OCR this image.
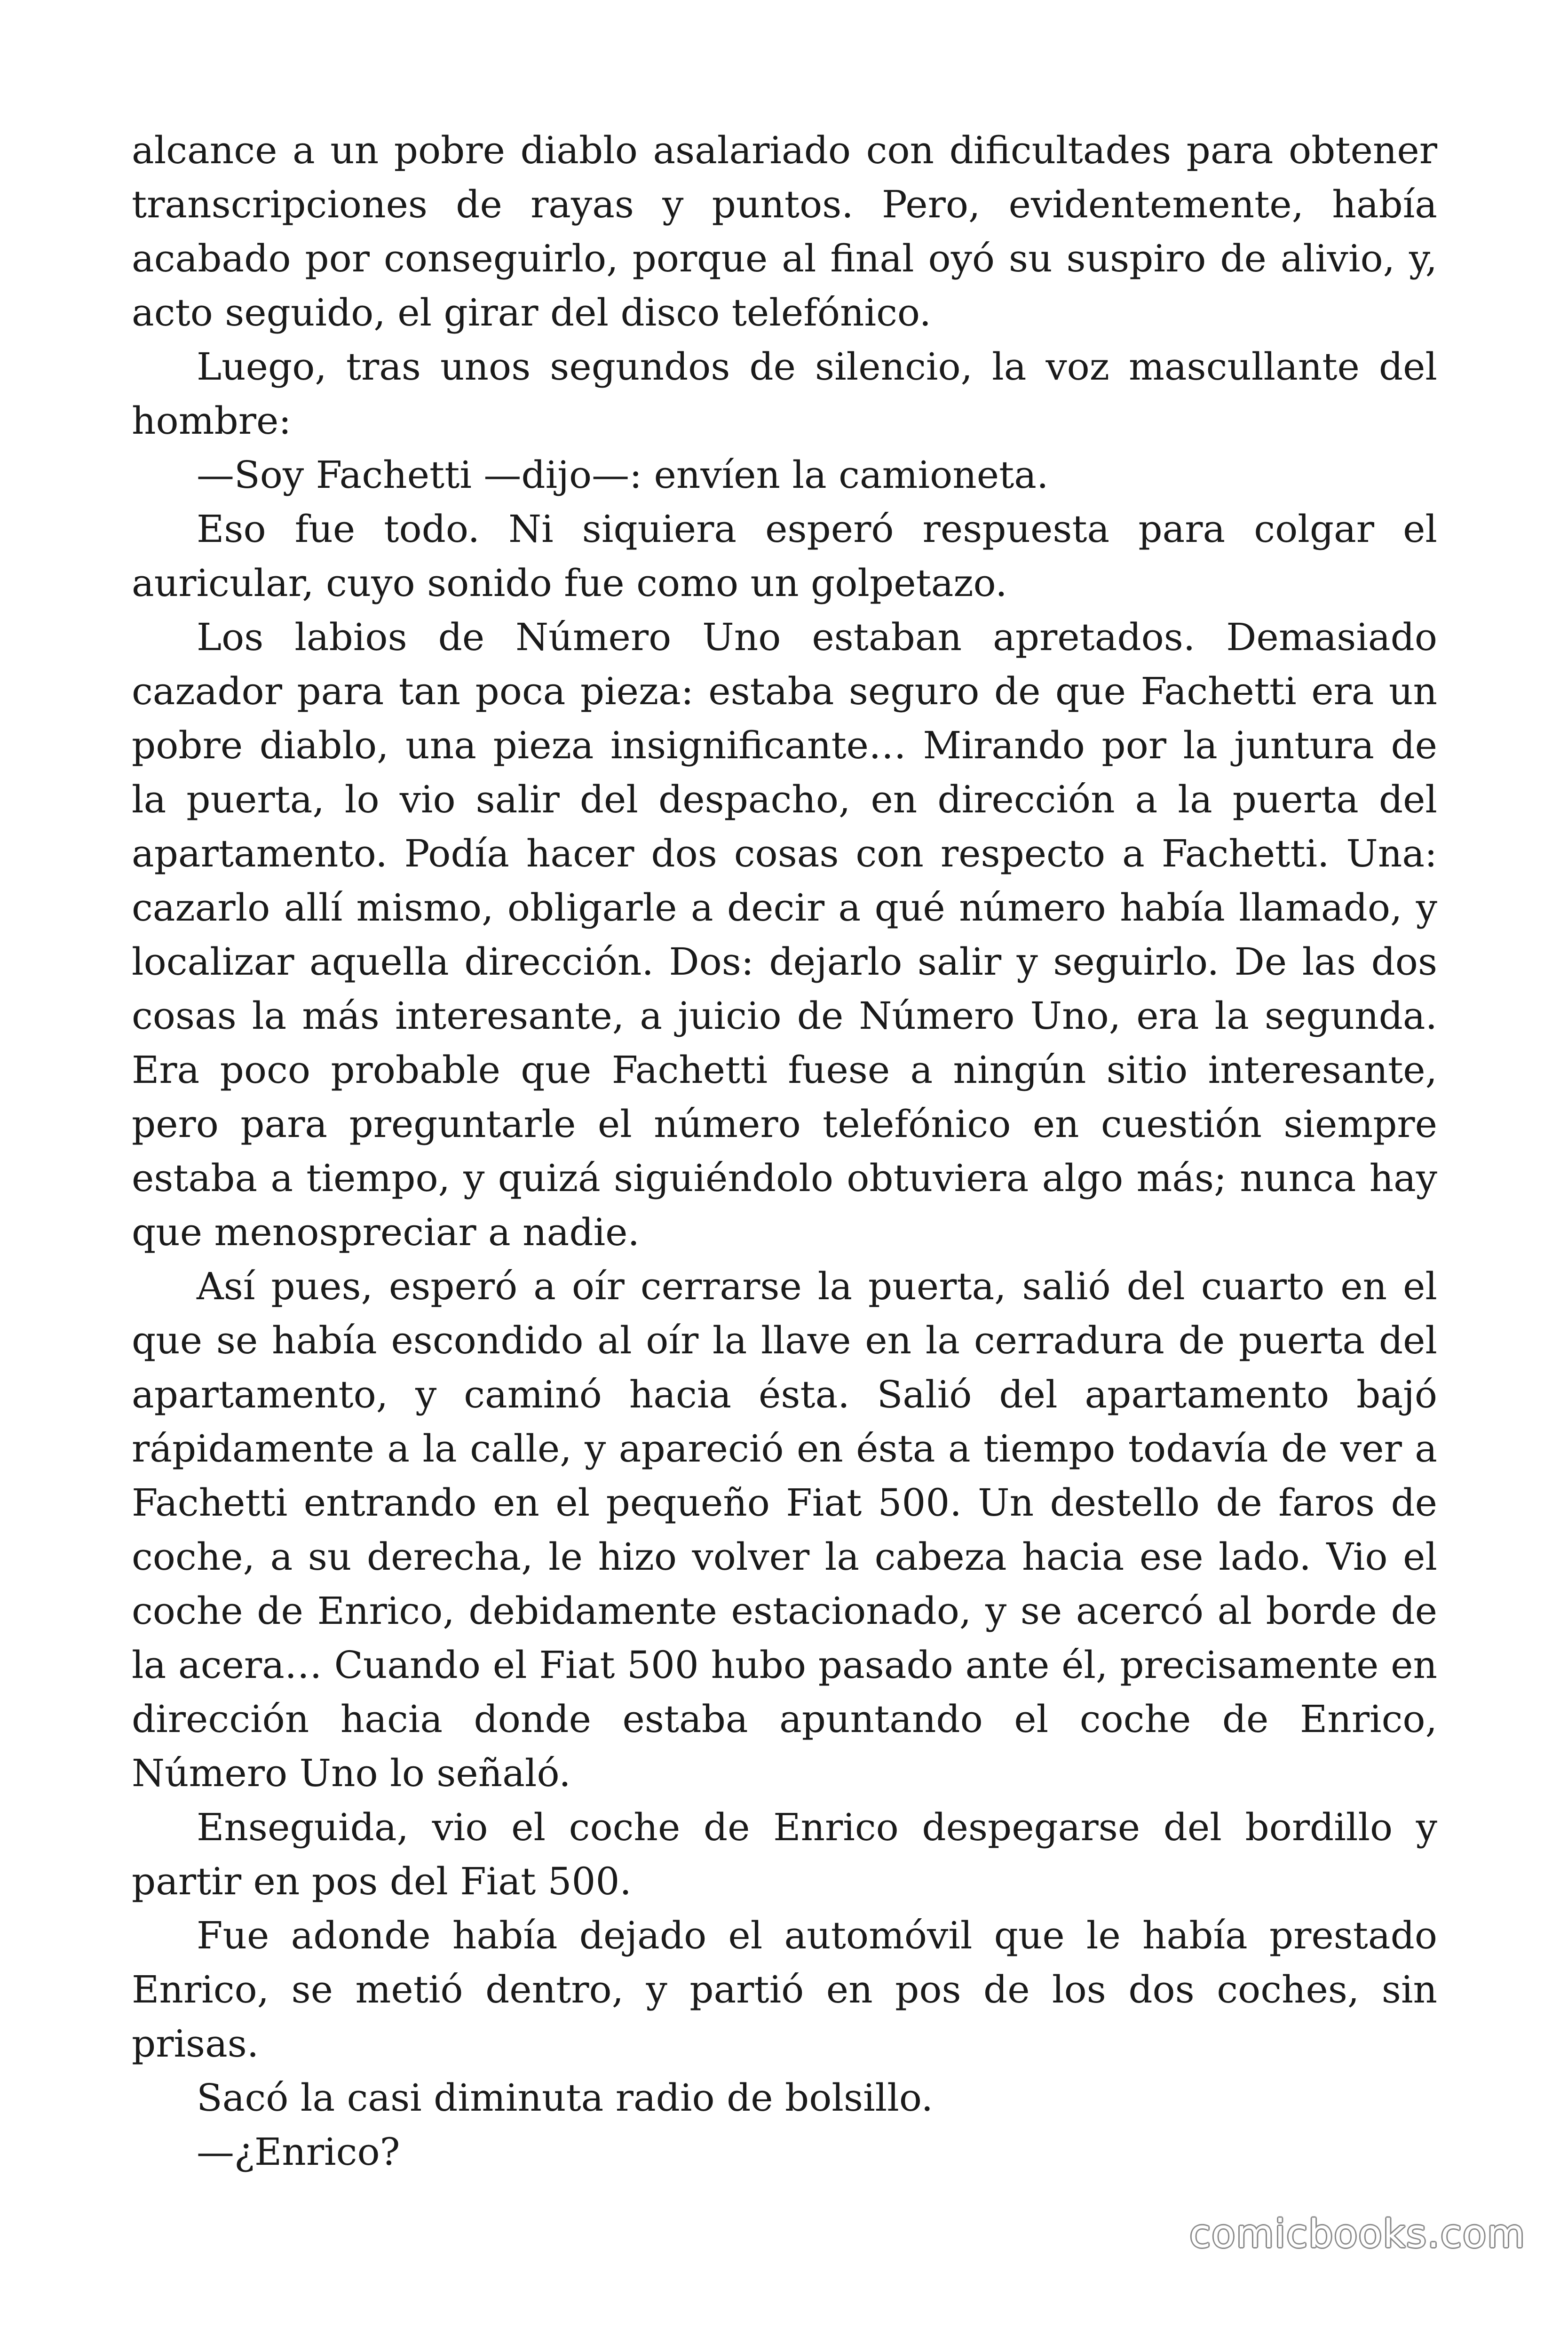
alcance a un pobre diablo asalariado con dificultades para obtener transcripciones de rayas y puntos. Pero, evidentemente, había acabado por conseguirlo, porque al final oyó su suspiro de alivio, y, acto seguido, el girar del disco telefónico.

Luego, tras unos segundos de silencio, la voz mascullante del hombre:

—Soy Fachetti —dijo—: envíen la camioneta.

Eso fue todo. Ni siquiera esperó respuesta para colgar el auricular, cuyo sonido fue como un golpetazo.

Los labios de Número Uno estaban apretados. Demasiado cazador para tan poca pieza: estaba seguro de que Fachetti era un pobre diablo, una pieza insignificante… Mirando por la juntura de la puerta, lo vio salir del despacho, en dirección a la puerta del apartamento. Podía hacer dos cosas con respecto a Fachetti. Una: cazarlo allí mismo, obligarle a decir a qué número había llamado, y localizar aquella dirección. Dos: dejarlo salir y seguirlo. De las dos cosas la más interesante, a juicio de Número Uno, era la segunda. Era poco probable que Fachetti fuese a ningún sitio interesante, pero para preguntarle el número telefónico en cuestión siempre estaba a tiempo, y quizá siguiéndolo obtuviera algo más; nunca hay que menospreciar a nadie.

Así pues, esperó a oír cerrarse la puerta, salió del cuarto en el que se había escondido al oír la llave en la cerradura de puerta del apartamento, y caminó hacia ésta. Salió del apartamento bajó rápidamente a la calle, y apareció en ésta a tiempo todavía de ver a Fachetti entrando en el pequeño Fiat 500. Un destello de faros de coche, a su derecha, le hizo volver la cabeza hacia ese lado. Vio el coche de Enrico, debidamente estacionado, y se acercó al borde de la acera… Cuando el Fiat 500 hubo pasado ante él, precisamente en dirección hacia donde estaba apuntando el coche de Enrico, Número Uno lo señaló.

Enseguida, vio el coche de Enrico despegarse del bordillo y partir en pos del Fiat 500.

Fue adonde había dejado el automóvil que le había prestado Enrico, se metió dentro, y partió en pos de los dos coches, sin prisas.

Sacó la casi diminuta radio de bolsillo.

—¿Enrico?

comicbooks.com
